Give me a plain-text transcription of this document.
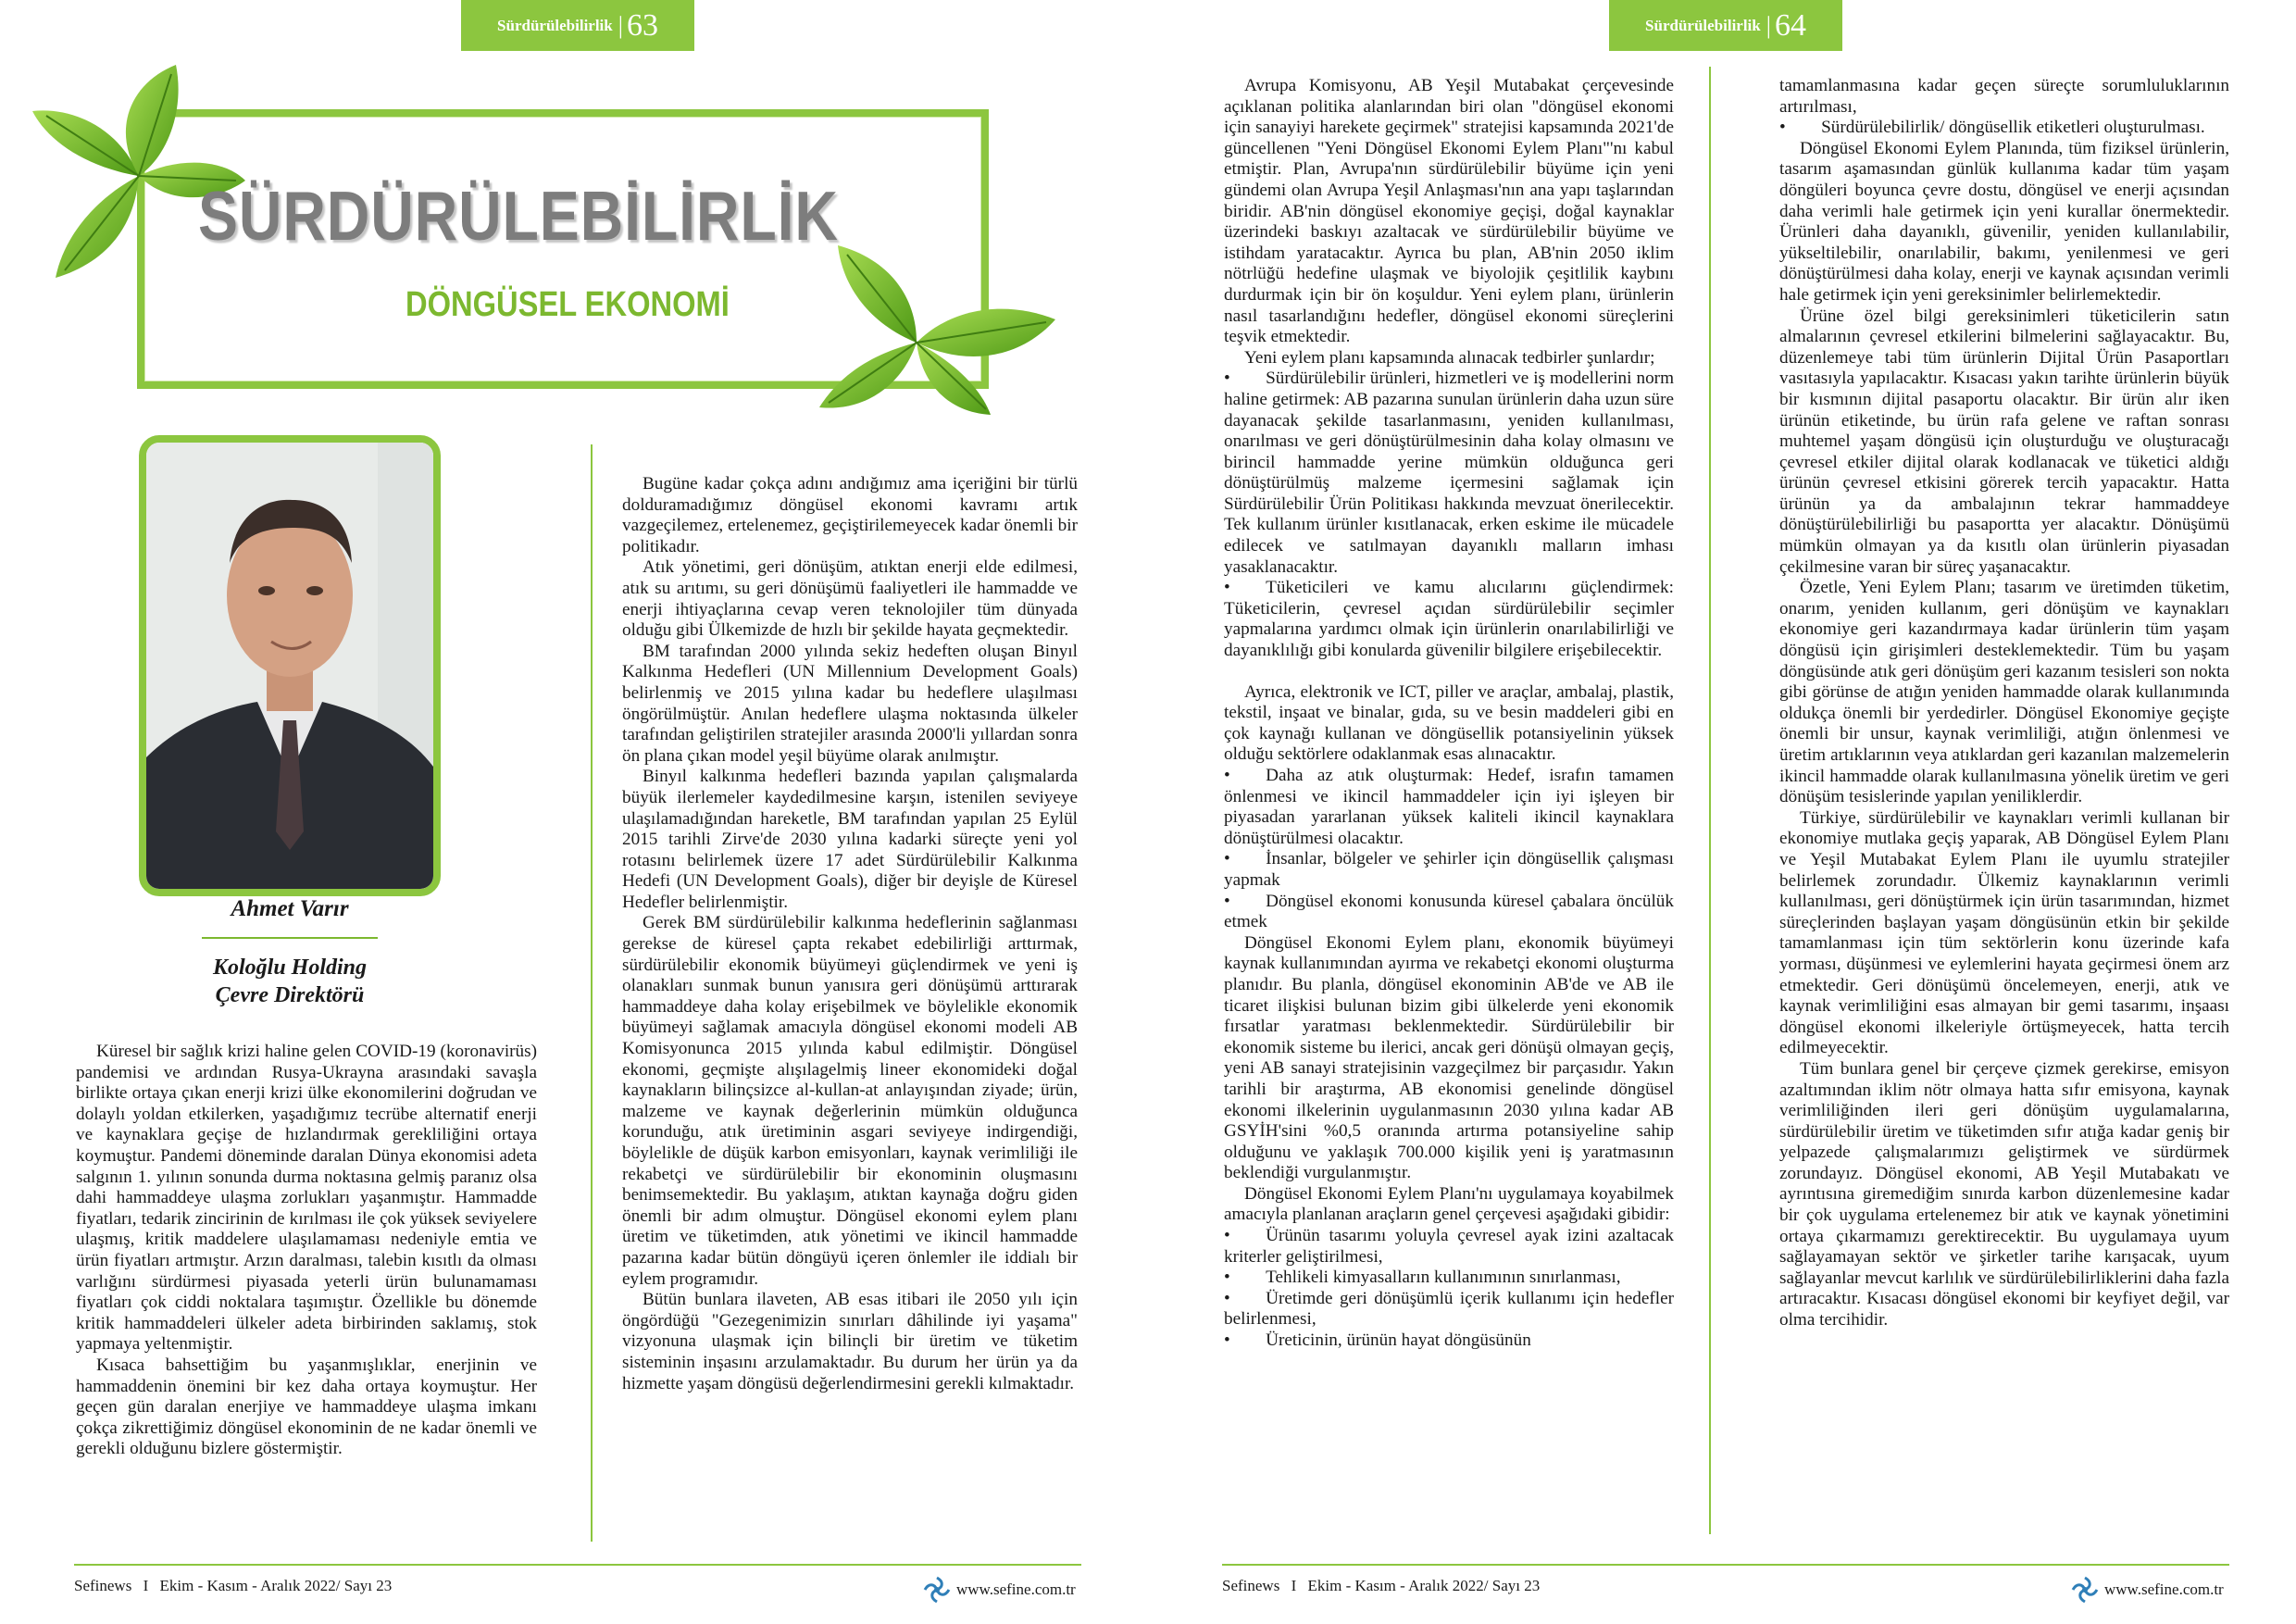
Sürdürülebilirlik | 63
SÜRDÜRÜLEBİLİRLİK
DÖNGÜSEL EKONOMİ
Ahmet Varır
Koloğlu Holding
Çevre Direktörü

Küresel bir sağlık krizi haline gelen COVID-19 (koronavirüs) pandemisi ve ardından Rusya-Ukrayna arasındaki savaşla birlikte ortaya çıkan enerji krizi ülke ekonomilerini doğrudan ve dolaylı yoldan etkilerken, yaşadığımız tecrübe alternatif enerji ve kaynaklara geçişe de hızlandırmak gerekliliğini ortaya koymuştur. Pandemi döneminde daralan Dünya ekonomisi adeta salgının 1. yılının sonunda durma noktasına gelmiş paranız olsa dahi hammaddeye ulaşma zorlukları yaşanmıştır. Hammadde fiyatları, tedarik zincirinin de kırılması ile çok yüksek seviyelere ulaşmış, kritik maddelere ulaşılamaması nedeniyle emtia ve ürün fiyatları artmıştır. Arzın daralması, talebin kısıtlı da olması varlığını sürdürmesi piyasada yeterli ürün bulunamaması fiyatları çok ciddi noktalara taşımıştır. Özellikle bu dönemde kritik hammaddeleri ülkeler adeta birbirinden saklamış, stok yapmaya yeltenmiştir.

Kısaca bahsettiğim bu yaşanmışlıklar, enerjinin ve hammaddenin önemini bir kez daha ortaya koymuştur. Her geçen gün daralan enerjiye ve hammaddeye ulaşma imkanı çokça zikrettiğimiz döngüsel ekonominin de ne kadar önemli ve gerekli olduğunu bizlere göstermiştir.

Bugüne kadar çokça adını andığımız ama içeriğini bir türlü dolduramadığımız döngüsel ekonomi kavramı artık vazgeçilemez, ertelenemez, geçiştirilemeyecek kadar önemli bir politikadır.

Atık yönetimi, geri dönüşüm, atıktan enerji elde edilmesi, atık su arıtımı, su geri dönüşümü faaliyetleri ile hammadde ve enerji ihtiyaçlarına cevap veren teknolojiler tüm dünyada olduğu gibi Ülkemizde de hızlı bir şekilde hayata geçmektedir.

BM tarafından 2000 yılında sekiz hedeften oluşan Binyıl Kalkınma Hedefleri (UN Millennium Development Goals) belirlenmiş ve 2015 yılına kadar bu hedeflere ulaşılması öngörülmüştür. Anılan hedeflere ulaşma noktasında ülkeler tarafından geliştirilen stratejiler arasında 2000'li yıllardan sonra ön plana çıkan model yeşil büyüme olarak anılmıştır.

Binyıl kalkınma hedefleri bazında yapılan çalışmalarda büyük ilerlemeler kaydedilmesine karşın, istenilen seviyeye ulaşılamadığından hareketle, BM tarafından yapılan 25 Eylül 2015 tarihli Zirve'de 2030 yılına kadarki süreçte yeni yol rotasını belirlemek üzere 17 adet Sürdürülebilir Kalkınma Hedefi (UN Development Goals), diğer bir deyişle de Küresel Hedefler belirlenmiştir.

Gerek BM sürdürülebilir kalkınma hedeflerinin sağlanması gerekse de küresel çapta rekabet edebilirliği arttırmak, sürdürülebilir ekonomik büyümeyi güçlendirmek ve yeni iş olanakları sunmak bunun yanısıra geri dönüşümü arttırarak hammaddeye daha kolay erişebilmek ve böylelikle ekonomik büyümeyi sağlamak amacıyla döngüsel ekonomi modeli AB Komisyonunca 2015 yılında kabul edilmiştir. Döngüsel ekonomi, geçmişte alışılagelmiş lineer ekonomideki doğal kaynakların bilinçsizce al-kullan-at anlayışından ziyade; ürün, malzeme ve kaynak değerlerinin mümkün olduğunca korunduğu, atık üretiminin asgari seviyeye indirgendiği, böylelikle de düşük karbon emisyonları, kaynak verimliliği ile rekabetçi ve sürdürülebilir bir ekonominin oluşmasını benimsemektedir. Bu yaklaşım, atıktan kaynağa doğru giden önemli bir adım olmuştur. Döngüsel ekonomi eylem planı üretim ve tüketimden, atık yönetimi ve ikincil hammadde pazarına kadar bütün döngüyü içeren önlemler ile iddialı bir eylem programıdır.

Bütün bunlara ilaveten, AB esas itibari ile 2050 yılı için öngördüğü "Gezegenimizin sınırları dâhilinde iyi yaşama" vizyonuna ulaşmak için bilinçli bir üretim ve tüketim sisteminin inşasını arzulamaktadır. Bu durum her ürün ya da hizmette yaşam döngüsü değerlendirmesini gerekli kılmaktadır.

Sefinews I Ekim - Kasım - Aralık 2022/ Sayı 23	www.sefine.com.tr
Sürdürülebilirlik | 64

Avrupa Komisyonu, AB Yeşil Mutabakat çerçevesinde açıklanan politika alanlarından biri olan "döngüsel ekonomi için sanayiyi harekete geçirmek" stratejisi kapsamında 2021'de güncellenen "Yeni Döngüsel Ekonomi Eylem Planı"'nı kabul etmiştir. Plan, Avrupa'nın sürdürülebilir büyüme için yeni gündemi olan Avrupa Yeşil Anlaşması'nın ana yapı taşlarından biridir. AB'nin döngüsel ekonomiye geçişi, doğal kaynaklar üzerindeki baskıyı azaltacak ve sürdürülebilir büyüme ve istihdam yaratacaktır. Ayrıca bu plan, AB'nin 2050 iklim nötrlüğü hedefine ulaşmak ve biyolojik çeşitlilik kaybını durdurmak için bir ön koşuldur. Yeni eylem planı, ürünlerin nasıl tasarlandığını hedefler, döngüsel ekonomi süreçlerini teşvik etmektedir.

Yeni eylem planı kapsamında alınacak tedbirler şunlardır;

•  Sürdürülebilir ürünleri, hizmetleri ve iş modellerini norm haline getirmek: AB pazarına sunulan ürünlerin daha uzun süre dayanacak şekilde tasarlanmasını, yeniden kullanılması, onarılması ve geri dönüştürülmesinin daha kolay olmasını ve birincil hammadde yerine mümkün olduğunca geri dönüştürülmüş malzeme içermesini sağlamak için Sürdürülebilir Ürün Politikası hakkında mevzuat önerilecektir. Tek kullanım ürünler kısıtlanacak, erken eskime ile mücadele edilecek ve satılmayan dayanıklı malların imhası yasaklanacaktır.

•  Tüketicileri ve kamu alıcılarını güçlendirmek: Tüketicilerin, çevresel açıdan sürdürülebilir seçimler yapmalarına yardımcı olmak için ürünlerin onarılabilirliği ve dayanıklılığı gibi konularda güvenilir bilgilere erişebilecektir.

Ayrıca, elektronik ve ICT, piller ve araçlar, ambalaj, plastik, tekstil, inşaat ve binalar, gıda, su ve besin maddeleri gibi en çok kaynağı kullanan ve döngüsellik potansiyelinin yüksek olduğu sektörlere odaklanmak esas alınacaktır.

•  Daha az atık oluşturmak: Hedef, israfın tamamen önlenmesi ve ikincil hammaddeler için iyi işleyen bir piyasadan yararlanan yüksek kaliteli ikincil kaynaklara dönüştürülmesi olacaktır.

•  İnsanlar, bölgeler ve şehirler için döngüsellik çalışması yapmak

•  Döngüsel ekonomi konusunda küresel çabalara öncülük etmek

Döngüsel Ekonomi Eylem planı, ekonomik büyümeyi kaynak kullanımından ayırma ve rekabetçi ekonomi oluşturma planıdır. Bu planla, döngüsel ekonominin AB'de ve AB ile ticaret ilişkisi bulunan bizim gibi ülkelerde yeni ekonomik fırsatlar yaratması beklenmektedir. Sürdürülebilir bir ekonomik sisteme bu ilerici, ancak geri dönüşü olmayan geçiş, yeni AB sanayi stratejisinin vazgeçilmez bir parçasıdır. Yakın tarihli bir araştırma, AB ekonomisi genelinde döngüsel ekonomi ilkelerinin uygulanmasının 2030 yılına kadar AB GSYİH'sini %0,5 oranında artırma potansiyeline sahip olduğunu ve yaklaşık 700.000 kişilik yeni iş yaratmasının beklendiği vurgulanmıştır.

Döngüsel Ekonomi Eylem Planı'nı uygulamaya koyabilmek amacıyla planlanan araçların genel çerçevesi aşağıdaki gibidir:

•  Ürünün tasarımı yoluyla çevresel ayak izini azaltacak kriterler geliştirilmesi,

•  Tehlikeli kimyasalların kullanımının sınırlanması,

•  Üretimde geri dönüşümlü içerik kullanımı için hedefler belirlenmesi,

•  Üreticinin, ürünün hayat döngüsünün

tamamlanmasına kadar geçen süreçte sorumluluklarının artırılması,

•  Sürdürülebilirlik/ döngüsellik etiketleri oluşturulması.

Döngüsel Ekonomi Eylem Planında, tüm fiziksel ürünlerin, tasarım aşamasından günlük kullanıma kadar tüm yaşam döngüleri boyunca çevre dostu, döngüsel ve enerji açısından daha verimli hale getirmek için yeni kurallar önermektedir. Ürünleri daha dayanıklı, güvenilir, yeniden kullanılabilir, yükseltilebilir, onarılabilir, bakımı, yenilenmesi ve geri dönüştürülmesi daha kolay, enerji ve kaynak açısından verimli hale getirmek için yeni gereksinimler belirlemektedir.

Ürüne özel bilgi gereksinimleri tüketicilerin satın almalarının çevresel etkilerini bilmelerini sağlayacaktır. Bu, düzenlemeye tabi tüm ürünlerin Dijital Ürün Pasaportları vasıtasıyla yapılacaktır. Kısacası yakın tarihte ürünlerin büyük bir kısmının dijital pasaportu olacaktır. Bir ürün alır iken ürünün etiketinde, bu ürün rafa gelene ve raftan sonrası muhtemel yaşam döngüsü için oluşturduğu ve oluşturacağı çevresel etkiler dijital olarak kodlanacak ve tüketici aldığı ürünün çevresel etkisini görerek tercih yapacaktır. Hatta ürünün ya da ambalajının tekrar hammaddeye dönüştürülebilirliği bu pasaportta yer alacaktır. Dönüşümü mümkün olmayan ya da kısıtlı olan ürünlerin piyasadan çekilmesine varan bir süreç yaşanacaktır.

Özetle, Yeni Eylem Planı; tasarım ve üretimden tüketim, onarım, yeniden kullanım, geri dönüşüm ve kaynakları ekonomiye geri kazandırmaya kadar ürünlerin tüm yaşam döngüsü için girişimleri desteklemektedir. Tüm bu yaşam döngüsünde atık geri dönüşüm geri kazanım tesisleri son nokta gibi görünse de atığın yeniden hammadde olarak kullanımında oldukça önemli bir yerdedirler. Döngüsel Ekonomiye geçişte önemli bir unsur, kaynak verimliliği, atığın önlenmesi ve üretim artıklarının veya atıklardan geri kazanılan malzemelerin ikincil hammadde olarak kullanılmasına yönelik üretim ve geri dönüşüm tesislerinde yapılan yeniliklerdir.

Türkiye, sürdürülebilir ve kaynakları verimli kullanan bir ekonomiye mutlaka geçiş yaparak, AB Döngüsel Eylem Planı ve Yeşil Mutabakat Eylem Planı ile uyumlu stratejiler belirlemek zorundadır. Ülkemiz kaynaklarının verimli kullanılması, geri dönüştürmek için ürün tasarımından, hizmet süreçlerinden başlayan yaşam döngüsünün etkin bir şekilde tamamlanması için tüm sektörlerin konu üzerinde kafa yorması, düşünmesi ve eylemlerini hayata geçirmesi önem arz etmektedir. Geri dönüşümü öncelemeyen, enerji, atık ve kaynak verimliliğini esas almayan bir gemi tasarımı, inşaası döngüsel ekonomi ilkeleriyle örtüşmeyecek, hatta tercih edilmeyecektir.

Tüm bunlara genel bir çerçeve çizmek gerekirse, emisyon azaltımından iklim nötr olmaya hatta sıfır emisyona, kaynak verimliliğinden ileri geri dönüşüm uygulamalarına, sürdürülebilir üretim ve tüketimden sıfır atığa kadar geniş bir yelpazede çalışmalarımızı geliştirmek ve sürdürmek zorundayız. Döngüsel ekonomi, AB Yeşil Mutabakatı ve ayrıntısına giremediğim sınırda karbon düzenlemesine kadar bir çok uygulama ertelenemez bir atık ve kaynak yönetimini ortaya çıkarmamızı gerektirecektir. Bu uygulamaya uyum sağlayamayan sektör ve şirketler tarihe karışacak, uyum sağlayanlar mevcut karlılık ve sürdürülebilirliklerini daha fazla artıracaktır. Kısacası döngüsel ekonomi bir keyfiyet değil, var olma tercihidir.

Sefinews I Ekim - Kasım - Aralık 2022/ Sayı 23	www.sefine.com.tr
